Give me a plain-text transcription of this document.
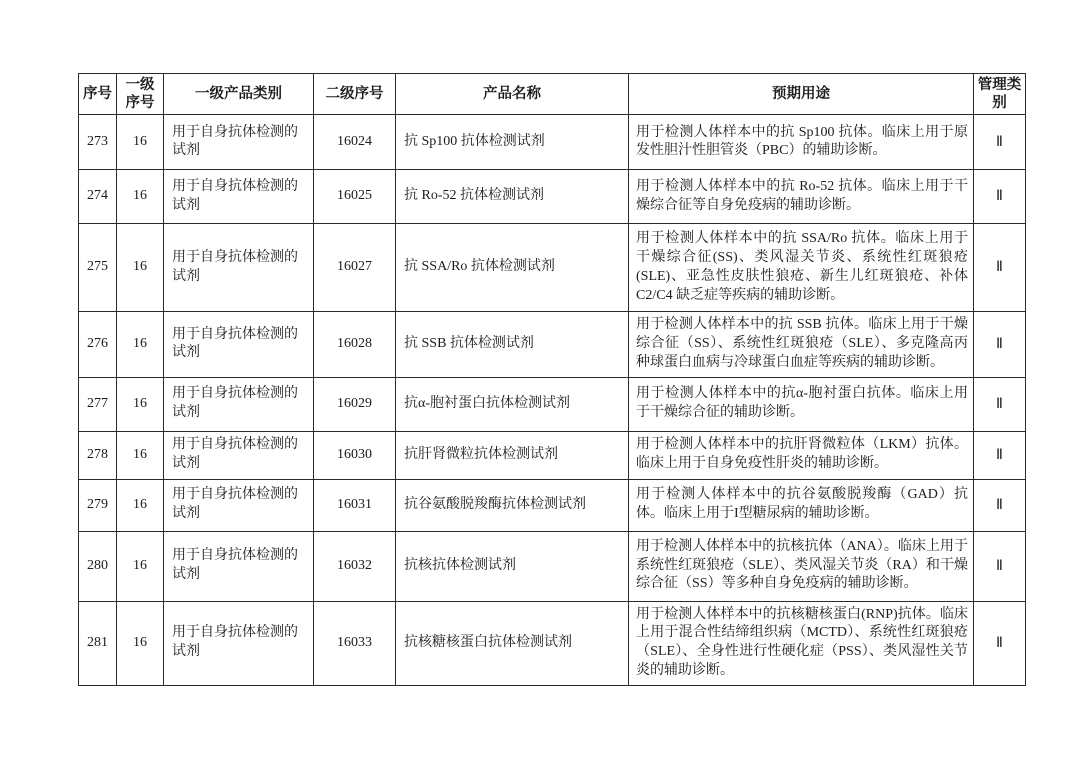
序号	一级序号	一级产品类别	二级序号	产品名称	预期用途	管理类别
273	16	用于自身抗体检测的试剂	16024	抗 Sp100 抗体检测试剂	用于检测人体样本中的抗 Sp100 抗体。临床上用于原发性胆汁性胆管炎（PBC）的辅助诊断。	Ⅱ
274	16	用于自身抗体检测的试剂	16025	抗 Ro-52 抗体检测试剂	用于检测人体样本中的抗 Ro-52 抗体。临床上用于干燥综合征等自身免疫病的辅助诊断。	Ⅱ
275	16	用于自身抗体检测的试剂	16027	抗 SSA/Ro 抗体检测试剂	用于检测人体样本中的抗 SSA/Ro 抗体。临床上用于干燥综合征(SS)、类风湿关节炎、系统性红斑狼疮(SLE)、亚急性皮肤性狼疮、新生儿红斑狼疮、补体 C2/C4 缺乏症等疾病的辅助诊断。	Ⅱ
276	16	用于自身抗体检测的试剂	16028	抗 SSB 抗体检测试剂	用于检测人体样本中的抗 SSB 抗体。临床上用于干燥综合征（SS）、系统性红斑狼疮（SLE）、多克隆高丙种球蛋白血病与冷球蛋白血症等疾病的辅助诊断。	Ⅱ
277	16	用于自身抗体检测的试剂	16029	抗α-胞衬蛋白抗体检测试剂	用于检测人体样本中的抗α-胞衬蛋白抗体。临床上用于干燥综合征的辅助诊断。	Ⅱ
278	16	用于自身抗体检测的试剂	16030	抗肝肾微粒抗体检测试剂	用于检测人体样本中的抗肝肾微粒体（LKM）抗体。临床上用于自身免疫性肝炎的辅助诊断。	Ⅱ
279	16	用于自身抗体检测的试剂	16031	抗谷氨酸脱羧酶抗体检测试剂	用于检测人体样本中的抗谷氨酸脱羧酶（GAD）抗体。临床上用于I型糖尿病的辅助诊断。	Ⅱ
280	16	用于自身抗体检测的试剂	16032	抗核抗体检测试剂	用于检测人体样本中的抗核抗体（ANA）。临床上用于系统性红斑狼疮（SLE）、类风湿关节炎（RA）和干燥综合征（SS）等多种自身免疫病的辅助诊断。	Ⅱ
281	16	用于自身抗体检测的试剂	16033	抗核糖核蛋白抗体检测试剂	用于检测人体样本中的抗核糖核蛋白(RNP)抗体。临床上用于混合性结缔组织病（MCTD）、系统性红斑狼疮（SLE）、全身性进行性硬化症（PSS）、类风湿性关节炎的辅助诊断。	Ⅱ
